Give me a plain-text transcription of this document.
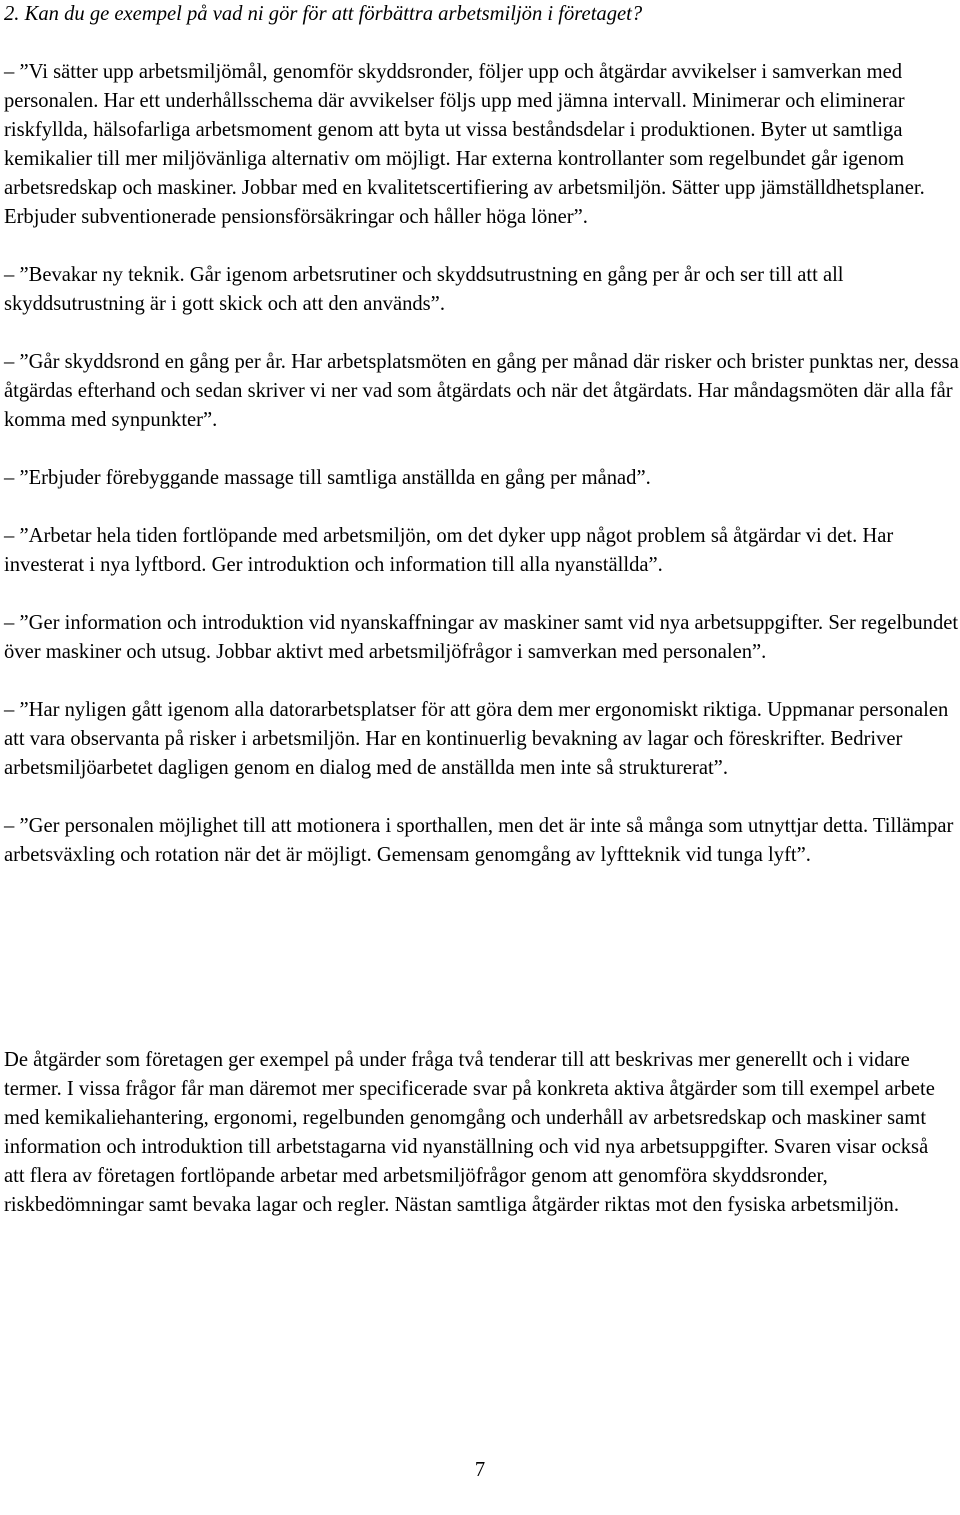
2. Kan du ge exempel på vad ni gör för att förbättra arbetsmiljön i företaget?

– ”Vi sätter upp arbetsmiljömål, genomför skyddsronder, följer upp och åtgärdar avvikelser i samverkan med personalen. Har ett underhållsschema där avvikelser följs upp med jämna intervall. Minimerar och eliminerar riskfyllda, hälsofarliga arbetsmoment genom att byta ut vissa beståndsdelar i produktionen. Byter ut samtliga kemikalier till mer miljövänliga alternativ om möjligt. Har externa kontrollanter som regelbundet går igenom arbetsredskap och maskiner. Jobbar med en kvalitetscertifiering av arbetsmiljön. Sätter upp jämställdhetsplaner. Erbjuder subventionerade pensionsförsäkringar och håller höga löner”.

– ”Bevakar ny teknik. Går igenom arbetsrutiner och skyddsutrustning en gång per år och ser till att all skyddsutrustning är i gott skick och att den används”.

– ”Går skyddsrond en gång per år. Har arbetsplatsmöten en gång per månad där risker och brister punktas ner, dessa åtgärdas efterhand och sedan skriver vi ner vad som åtgärdats och när det åtgärdats. Har måndagsmöten där alla får komma med synpunkter”.

– ”Erbjuder förebyggande massage till samtliga anställda en gång per månad”.

– ”Arbetar hela tiden fortlöpande med arbetsmiljön, om det dyker upp något problem så åtgärdar vi det. Har investerat i nya lyftbord. Ger introduktion och information till alla nyanställda”.

– ”Ger information och introduktion vid nyanskaffningar av maskiner samt vid nya arbetsuppgifter. Ser regelbundet över maskiner och utsug. Jobbar aktivt med arbetsmiljöfrågor i samverkan med personalen”.

– ”Har nyligen gått igenom alla datorarbetsplatser för att göra dem mer ergonomiskt riktiga. Uppmanar personalen att vara observanta på risker i arbetsmiljön. Har en kontinuerlig bevakning av lagar och föreskrifter. Bedriver arbetsmiljöarbetet dagligen genom en dialog med de anställda men inte så strukturerat”.

– ”Ger personalen möjlighet till att motionera i sporthallen, men det är inte så många som utnyttjar detta. Tillämpar arbetsväxling och rotation när det är möjligt. Gemensam genomgång av lyftteknik vid tunga lyft”.

De åtgärder som företagen ger exempel på under fråga två tenderar till att beskrivas mer generellt och i vidare termer. I vissa frågor får man däremot mer specificerade svar på konkreta aktiva åtgärder som till exempel arbete med kemikaliehantering, ergonomi, regelbunden genomgång och underhåll av arbetsredskap och maskiner samt information och introduktion till arbetstagarna vid nyanställning och vid nya arbetsuppgifter. Svaren visar också att flera av företagen fortlöpande arbetar med arbetsmiljöfrågor genom att genomföra skyddsronder, riskbedömningar samt bevaka lagar och regler. Nästan samtliga åtgärder riktas mot den fysiska arbetsmiljön.

7
